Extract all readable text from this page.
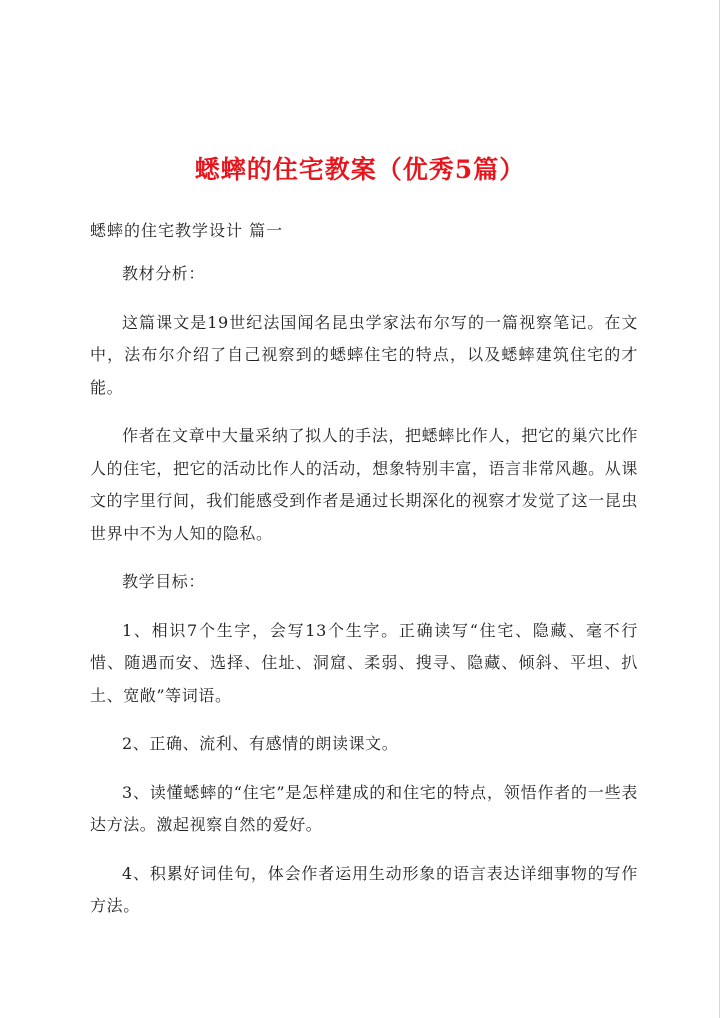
蟋蟀的住宅教案（优秀5篇）
蟋蟀的住宅教学设计 篇一

教材分析：

这篇课文是19世纪法国闻名昆虫学家法布尔写的一篇视察笔记。在文中，法布尔介绍了自己视察到的蟋蟀住宅的特点，以及蟋蟀建筑住宅的才能。

作者在文章中大量采纳了拟人的手法，把蟋蟀比作人，把它的巢穴比作人的住宅，把它的活动比作人的活动，想象特别丰富，语言非常风趣。从课文的字里行间，我们能感受到作者是通过长期深化的视察才发觉了这一昆虫世界中不为人知的隐私。

教学目标：

1、相识7个生字，会写13个生字。正确读写“住宅、隐藏、毫不行惜、随遇而安、选择、住址、洞窟、柔弱、搜寻、隐藏、倾斜、平坦、扒土、宽敞”等词语。

2、正确、流利、有感情的朗读课文。

3、读懂蟋蟀的“住宅”是怎样建成的和住宅的特点，领悟作者的一些表达方法。激起视察自然的爱好。

4、积累好词佳句，体会作者运用生动形象的语言表达详细事物的写作方法。
